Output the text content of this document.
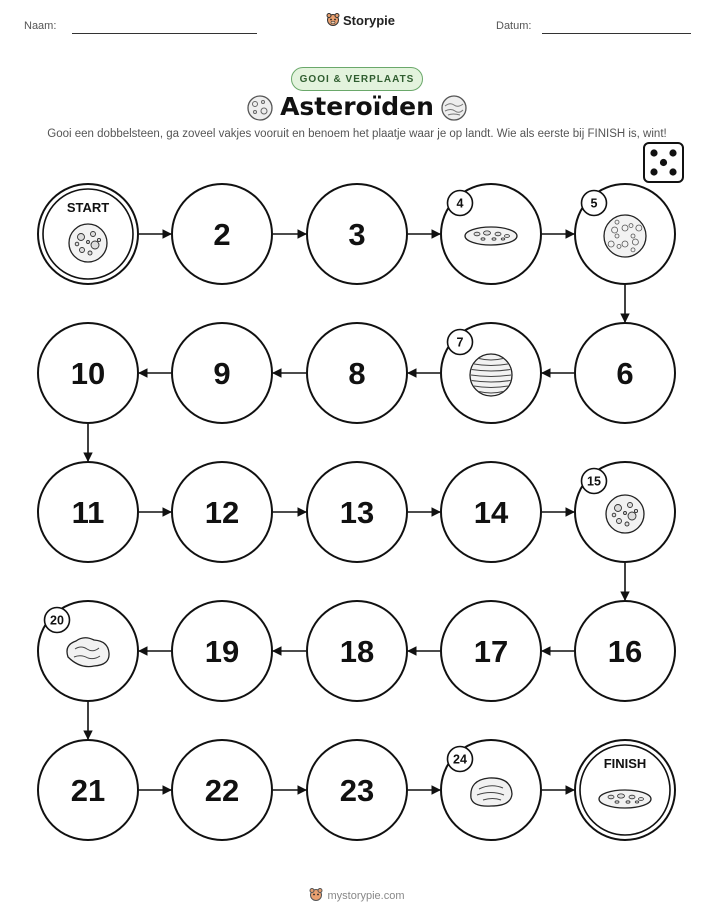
Naam:	Storypie	Datum:
GOOI & VERPLAATS
Asteroïden
Gooi een dobbelsteen, ga zoveel vakjes vooruit en benoem het plaatje waar je op landt. Wie als eerste bij FINISH is, wint!
START
2	3
4	5
6
7
8
9
10
11	12	13	14
15
16
17
18
19
20
21	22	23
24	FINISH
mystorypie.com
